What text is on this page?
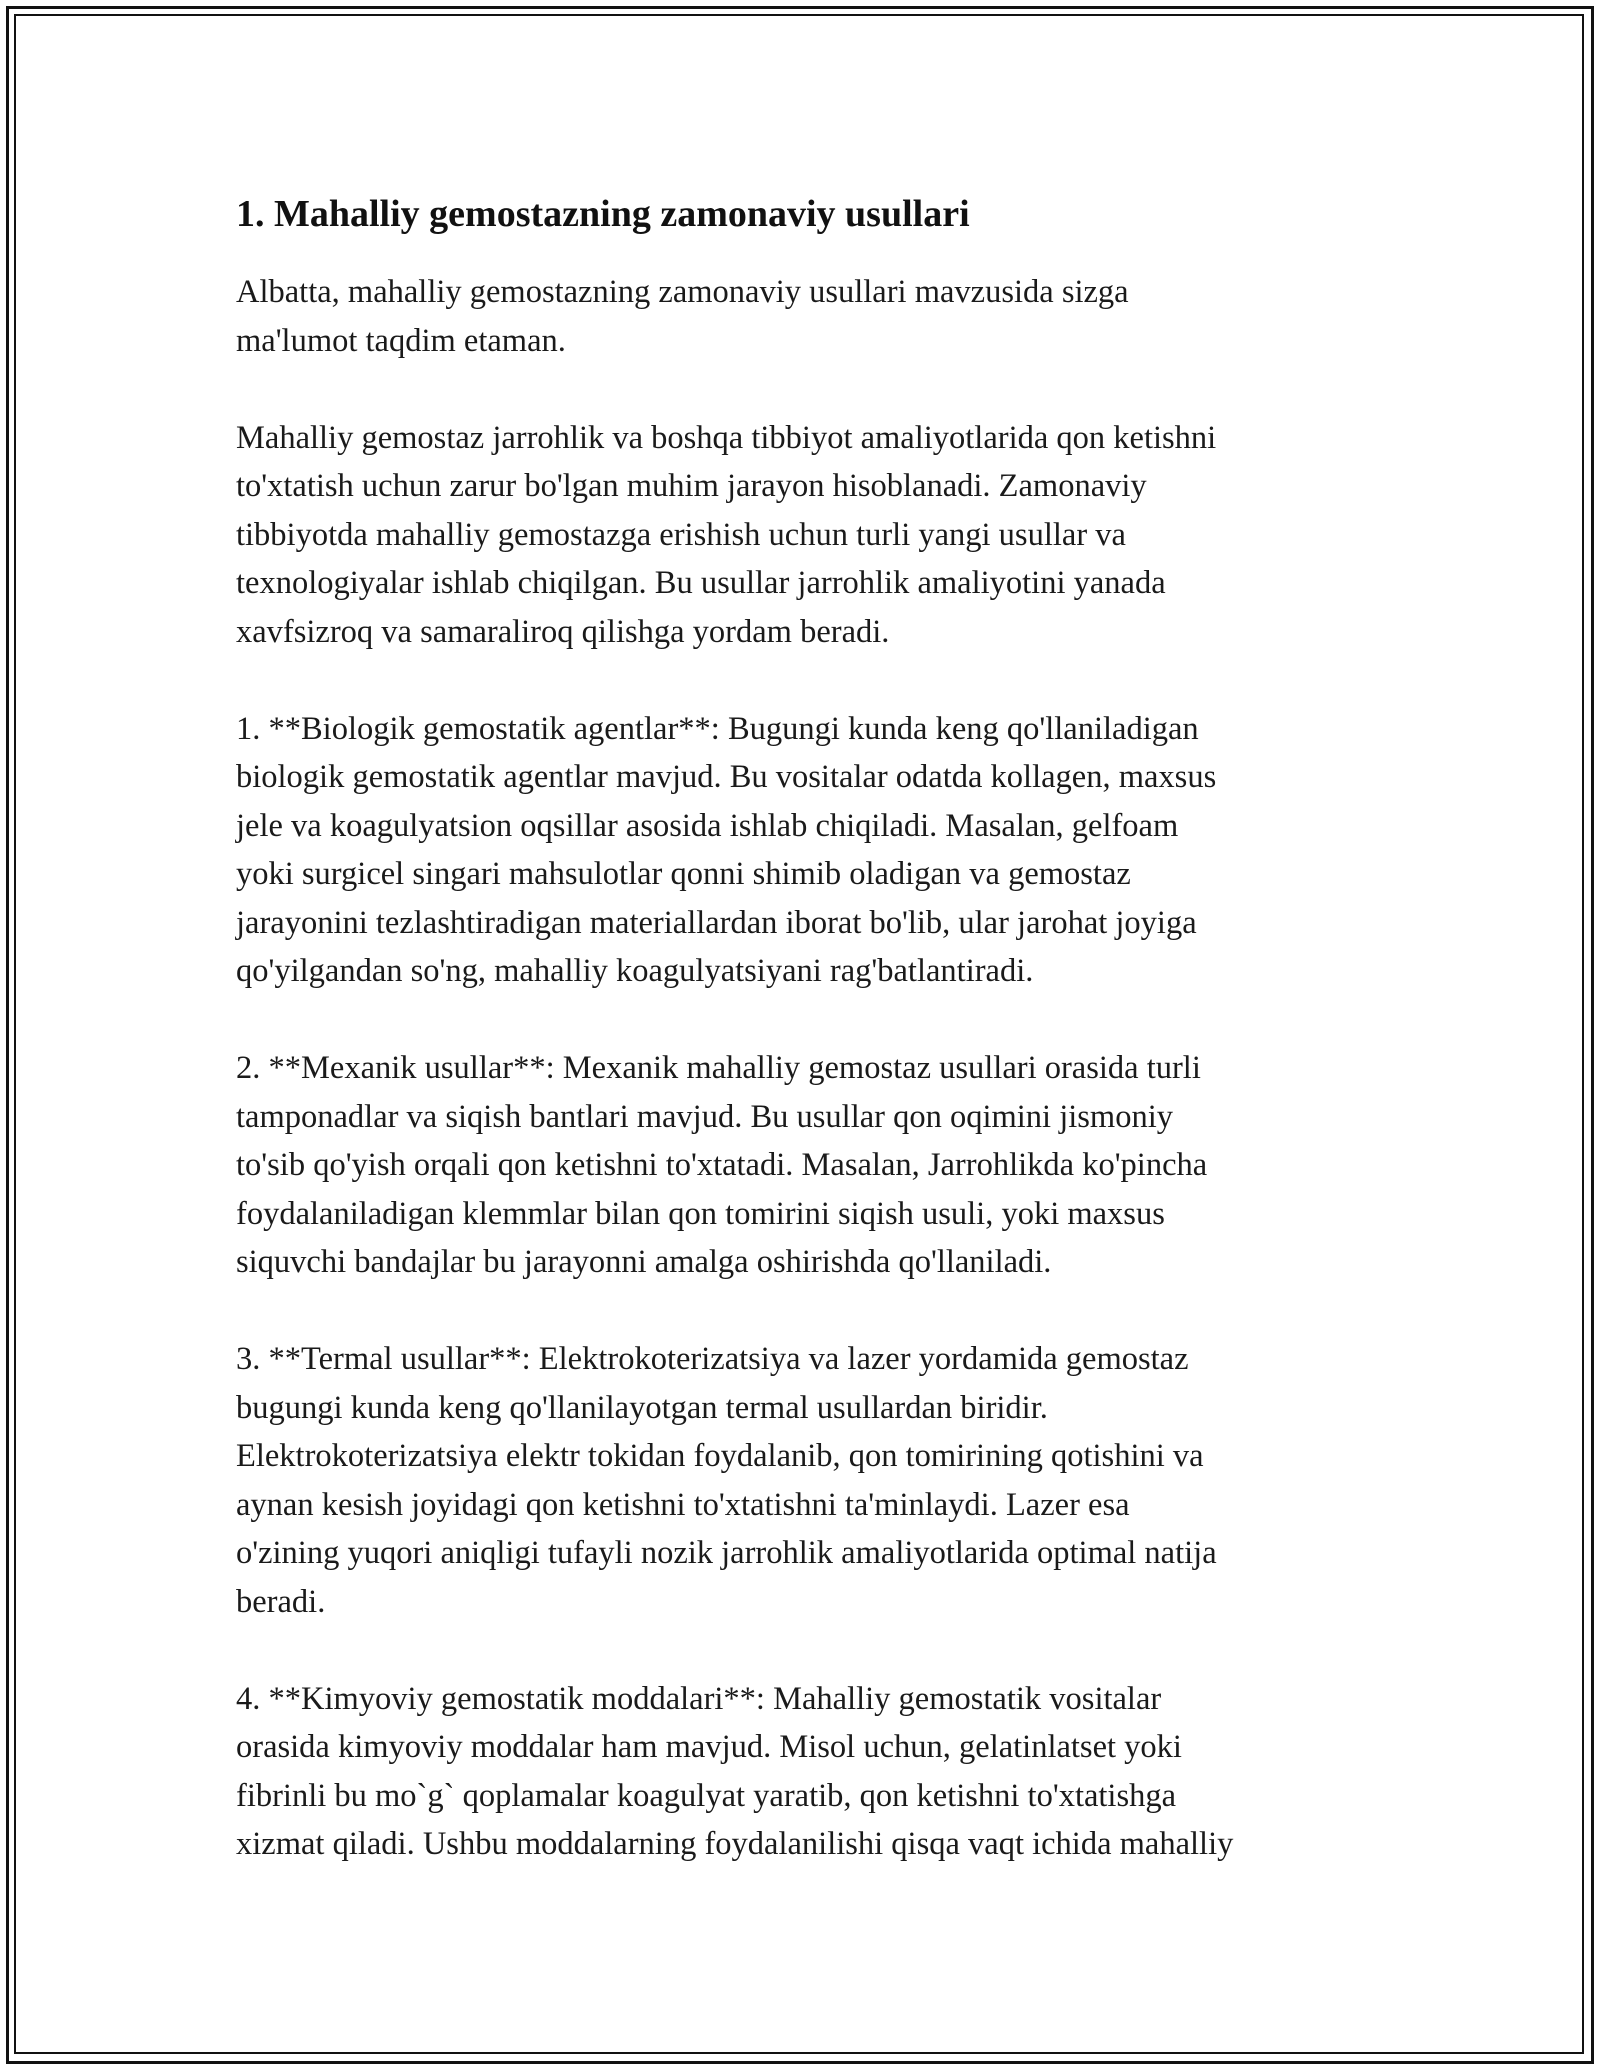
1. Mahalliy gemostazning zamonaviy usullari
Albatta, mahalliy gemostazning zamonaviy usullari mavzusida sizga
ma'lumot taqdim etaman.
Mahalliy gemostaz jarrohlik va boshqa tibbiyot amaliyotlarida qon ketishni
to'xtatish uchun zarur bo'lgan muhim jarayon hisoblanadi. Zamonaviy
tibbiyotda mahalliy gemostazga erishish uchun turli yangi usullar va
texnologiyalar ishlab chiqilgan. Bu usullar jarrohlik amaliyotini yanada
xavfsizroq va samaraliroq qilishga yordam beradi.
1. **Biologik gemostatik agentlar**: Bugungi kunda keng qo'llaniladigan
biologik gemostatik agentlar mavjud. Bu vositalar odatda kollagen, maxsus
jele va koagulyatsion oqsillar asosida ishlab chiqiladi. Masalan, gelfoam
yoki surgicel singari mahsulotlar qonni shimib oladigan va gemostaz
jarayonini tezlashtiradigan materiallardan iborat bo'lib, ular jarohat joyiga
qo'yilgandan so'ng, mahalliy koagulyatsiyani rag'batlantiradi.
2. **Mexanik usullar**: Mexanik mahalliy gemostaz usullari orasida turli
tamponadlar va siqish bantlari mavjud. Bu usullar qon oqimini jismoniy
to'sib qo'yish orqali qon ketishni to'xtatadi. Masalan, Jarrohlikda ko'pincha
foydalaniladigan klemmlar bilan qon tomirini siqish usuli, yoki maxsus
siquvchi bandajlar bu jarayonni amalga oshirishda qo'llaniladi.
3. **Termal usullar**: Elektrokoterizatsiya va lazer yordamida gemostaz
bugungi kunda keng qo'llanilayotgan termal usullardan biridir.
Elektrokoterizatsiya elektr tokidan foydalanib, qon tomirining qotishini va
aynan kesish joyidagi qon ketishni to'xtatishni ta'minlaydi. Lazer esa
o'zining yuqori aniqligi tufayli nozik jarrohlik amaliyotlarida optimal natija
beradi.
4. **Kimyoviy gemostatik moddalari**: Mahalliy gemostatik vositalar
orasida kimyoviy moddalar ham mavjud. Misol uchun, gelatinlatset yoki
fibrinli bu mo`g` qoplamalar koagulyat yaratib, qon ketishni to'xtatishga
xizmat qiladi. Ushbu moddalarning foydalanilishi qisqa vaqt ichida mahalliy
